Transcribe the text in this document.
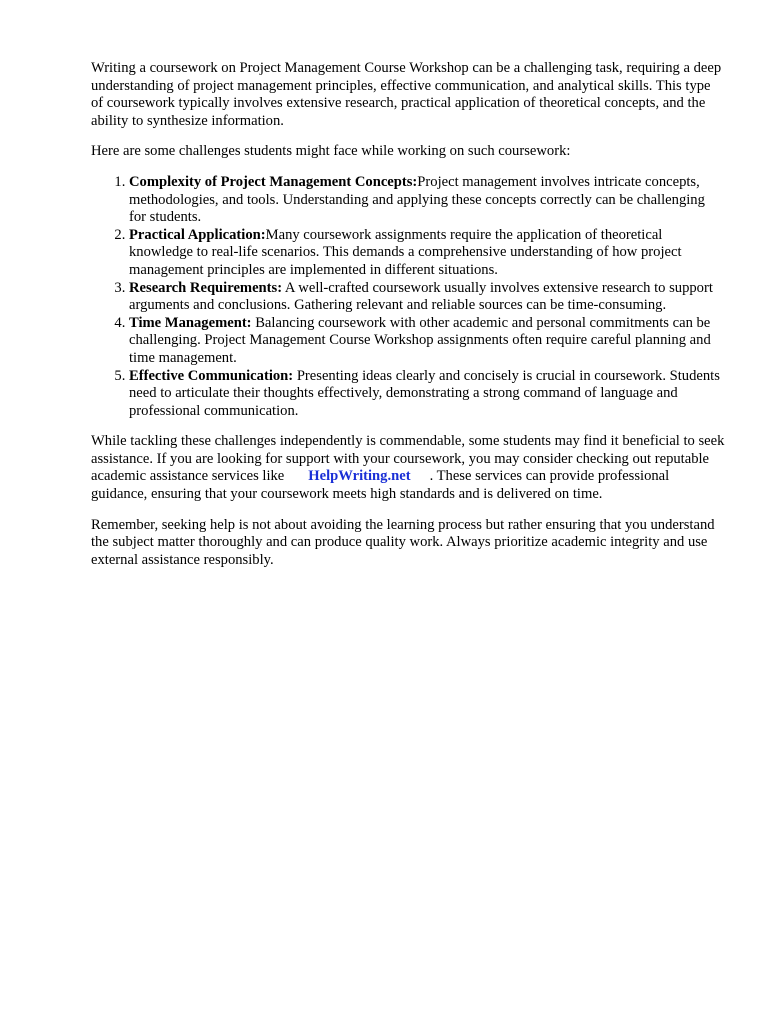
Writing a coursework on Project Management Course Workshop can be a challenging task, requiring a deep understanding of project management principles, effective communication, and analytical skills. This type of coursework typically involves extensive research, practical application of theoretical concepts, and the ability to synthesize information.

Here are some challenges students might face while working on such coursework:

1. Complexity of Project Management Concepts:Project management involves intricate concepts, methodologies, and tools. Understanding and applying these concepts correctly can be challenging for students.
2. Practical Application:Many coursework assignments require the application of theoretical knowledge to real-life scenarios. This demands a comprehensive understanding of how project management principles are implemented in different situations.
3. Research Requirements: A well-crafted coursework usually involves extensive research to support arguments and conclusions. Gathering relevant and reliable sources can be time-consuming.
4. Time Management: Balancing coursework with other academic and personal commitments can be challenging. Project Management Course Workshop assignments often require careful planning and time management.
5. Effective Communication: Presenting ideas clearly and concisely is crucial in coursework. Students need to articulate their thoughts effectively, demonstrating a strong command of language and professional communication.

While tackling these challenges independently is commendable, some students may find it beneficial to seek assistance. If you are looking for support with your coursework, you may consider checking out reputable academic assistance services like HelpWriting.net . These services can provide professional guidance, ensuring that your coursework meets high standards and is delivered on time.

Remember, seeking help is not about avoiding the learning process but rather ensuring that you understand the subject matter thoroughly and can produce quality work. Always prioritize academic integrity and use external assistance responsibly.
